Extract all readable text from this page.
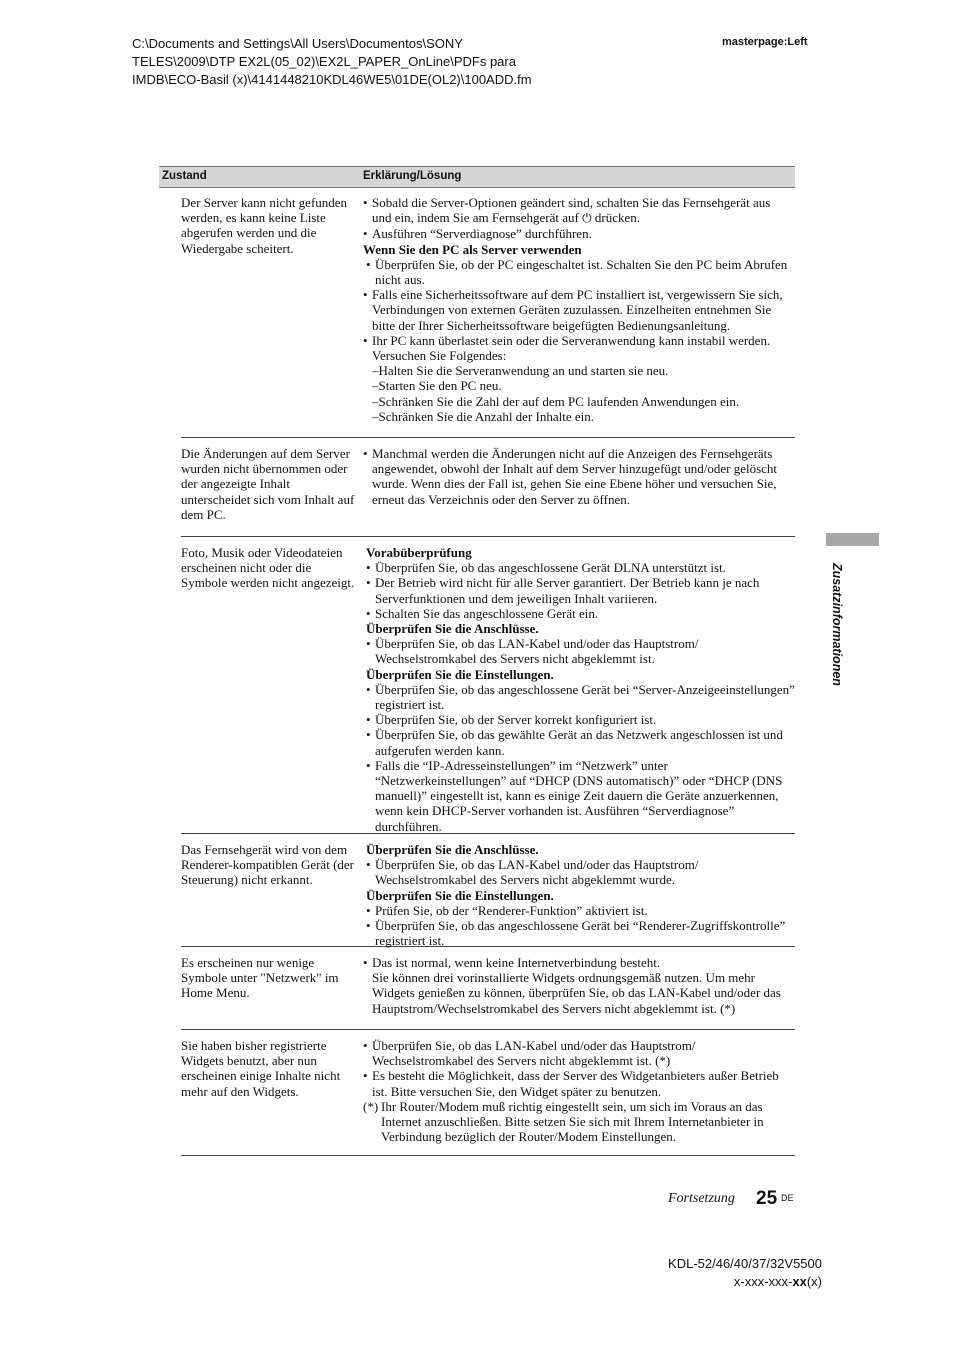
C:\Documents and Settings\All Users\Documentos\SONY
TELES\2009\DTP EX2L(05_02)\EX2L_PAPER_OnLine\PDFs para
IMDB\ECO-Basil (x)\4141448210KDL46WE5\01DE(OL2)\100ADD.fm
masterpage:Left
Zustand	Erklärung/Lösung
Der Server kann nicht gefunden werden, es kann keine Liste abgerufen werden und die Wiedergabe scheitert.
• Sobald die Server-Optionen geändert sind, schalten Sie das Fernsehgerät aus und ein, indem Sie am Fernsehgerät auf ⏻ drücken.
• Ausführen “Serverdiagnose” durchführen.
Wenn Sie den PC als Server verwenden
• Überprüfen Sie, ob der PC eingeschaltet ist. Schalten Sie den PC beim Abrufen nicht aus.
• Falls eine Sicherheitssoftware auf dem PC installiert ist, vergewissern Sie sich, Verbindungen von externen Geräten zuzulassen. Einzelheiten entnehmen Sie bitte der Ihrer Sicherheitssoftware beigefügten Bedienungsanleitung.
• Ihr PC kann überlastet sein oder die Serveranwendung kann instabil werden. Versuchen Sie Folgendes:
–Halten Sie die Serveranwendung an und starten sie neu.
–Starten Sie den PC neu.
–Schränken Sie die Zahl der auf dem PC laufenden Anwendungen ein.
–Schränken Sie die Anzahl der Inhalte ein.
Die Änderungen auf dem Server wurden nicht übernommen oder der angezeigte Inhalt unterscheidet sich vom Inhalt auf dem PC.
• Manchmal werden die Änderungen nicht auf die Anzeigen des Fernsehgeräts angewendet, obwohl der Inhalt auf dem Server hinzugefügt und/oder gelöscht wurde. Wenn dies der Fall ist, gehen Sie eine Ebene höher und versuchen Sie, erneut das Verzeichnis oder den Server zu öffnen.
Foto, Musik oder Videodateien erscheinen nicht oder die Symbole werden nicht angezeigt.
Vorabüberprüfung
• Überprüfen Sie, ob das angeschlossene Gerät DLNA unterstützt ist.
• Der Betrieb wird nicht für alle Server garantiert. Der Betrieb kann je nach Serverfunktionen und dem jeweiligen Inhalt variieren.
• Schalten Sie das angeschlossene Gerät ein.
Überprüfen Sie die Anschlüsse.
• Überprüfen Sie, ob das LAN-Kabel und/oder das Hauptstrom/ Wechselstromkabel des Servers nicht abgeklemmt ist.
Überprüfen Sie die Einstellungen.
• Überprüfen Sie, ob das angeschlossene Gerät bei “Server-Anzeigeeinstellungen” registriert ist.
• Überprüfen Sie, ob der Server korrekt konfiguriert ist.
• Überprüfen Sie, ob das gewählte Gerät an das Netzwerk angeschlossen ist und aufgerufen werden kann.
• Falls die “IP-Adresseinstellungen” im “Netzwerk” unter “Netzwerkeinstellungen” auf “DHCP (DNS automatisch)” oder “DHCP (DNS manuell)” eingestellt ist, kann es einige Zeit dauern die Geräte anzuerkennen, wenn kein DHCP-Server vorhanden ist. Ausführen “Serverdiagnose” durchführen.
Das Fernsehgerät wird von dem Renderer-kompatiblen Gerät (der Steuerung) nicht erkannt.
Überprüfen Sie die Anschlüsse.
• Überprüfen Sie, ob das LAN-Kabel und/oder das Hauptstrom/ Wechselstromkabel des Servers nicht abgeklemmt wurde.
Überprüfen Sie die Einstellungen.
• Prüfen Sie, ob der “Renderer-Funktion” aktiviert ist.
• Überprüfen Sie, ob das angeschlossene Gerät bei “Renderer-Zugriffskontrolle” registriert ist.
Es erscheinen nur wenige Symbole unter "Netzwerk" im Home Menu.
• Das ist normal, wenn keine Internetverbindung besteht.
Sie können drei vorinstallierte Widgets ordnungsgemäß nutzen. Um mehr Widgets genießen zu können, überprüfen Sie, ob das LAN-Kabel und/oder das Hauptstrom/Wechselstromkabel des Servers nicht abgeklemmt ist. (*)
Sie haben bisher registrierte Widgets benutzt, aber nun erscheinen einige Inhalte nicht mehr auf den Widgets.
• Überprüfen Sie, ob das LAN-Kabel und/oder das Hauptstrom/ Wechselstromkabel des Servers nicht abgeklemmt ist. (*)
• Es besteht die Möglichkeit, dass der Server des Widgetanbieters außer Betrieb ist. Bitte versuchen Sie, den Widget später zu benutzen.
(*) Ihr Router/Modem muß richtig eingestellt sein, um sich im Voraus an das Internet anzuschließen. Bitte setzen Sie sich mit Ihrem Internetanbieter in Verbindung bezüglich der Router/Modem Einstellungen.
Zusatzinformationen
Fortsetzung 25 DE
KDL-52/46/40/37/32V5500
x-xxx-xxx-xx(x)
